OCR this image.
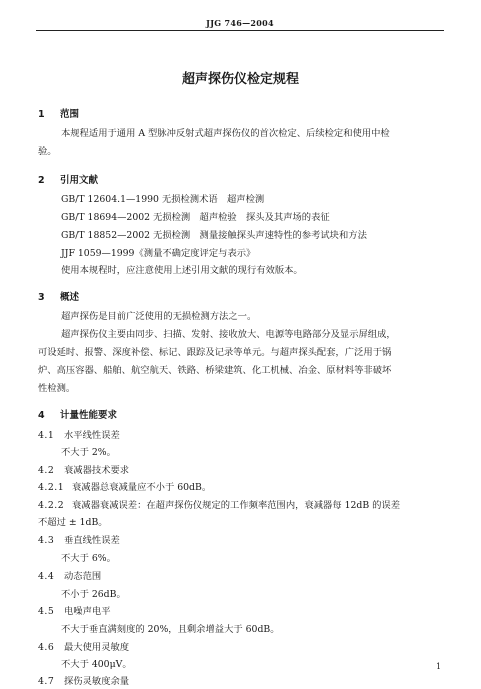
JJG 746—2004
超声探伤仪检定规程
1 范围
本规程适用于通用 A 型脉冲反射式超声探伤仪的首次检定、后续检定和使用中检
验。
2 引用文献
GB/T 12604.1—1990 无损检测术语　超声检测
GB/T 18694—2002 无损检测　超声检验　探头及其声场的表征
GB/T 18852—2002 无损检测　测量接触探头声速特性的参考试块和方法
JJF 1059—1999《测量不确定度评定与表示》
使用本规程时，应注意使用上述引用文献的现行有效版本。
3 概述
超声探伤是目前广泛使用的无损检测方法之一。
超声探伤仪主要由同步、扫描、发射、接收放大、电源等电路部分及显示屏组成，
可设延时、报警、深度补偿、标记、跟踪及记录等单元。与超声探头配套，广泛用于锅
炉、高压容器、船舶、航空航天、铁路、桥梁建筑、化工机械、冶金、原材料等非破坏
性检测。
4 计量性能要求
4.1 水平线性误差
不大于 2%。
4.2 衰减器技术要求
4.2.1 衰减器总衰减量应不小于 60dB。
4.2.2 衰减器衰减误差：在超声探伤仪规定的工作频率范围内，衰减器每 12dB 的误差
不超过 ± 1dB。
4.3 垂直线性误差
不大于 6%。
4.4 动态范围
不小于 26dB。
4.5 电噪声电平
不大于垂直满刻度的 20%，且剩余增益大于 60dB。
4.6 最大使用灵敏度
不大于 400μV。
4.7 探伤灵敏度余量
1
